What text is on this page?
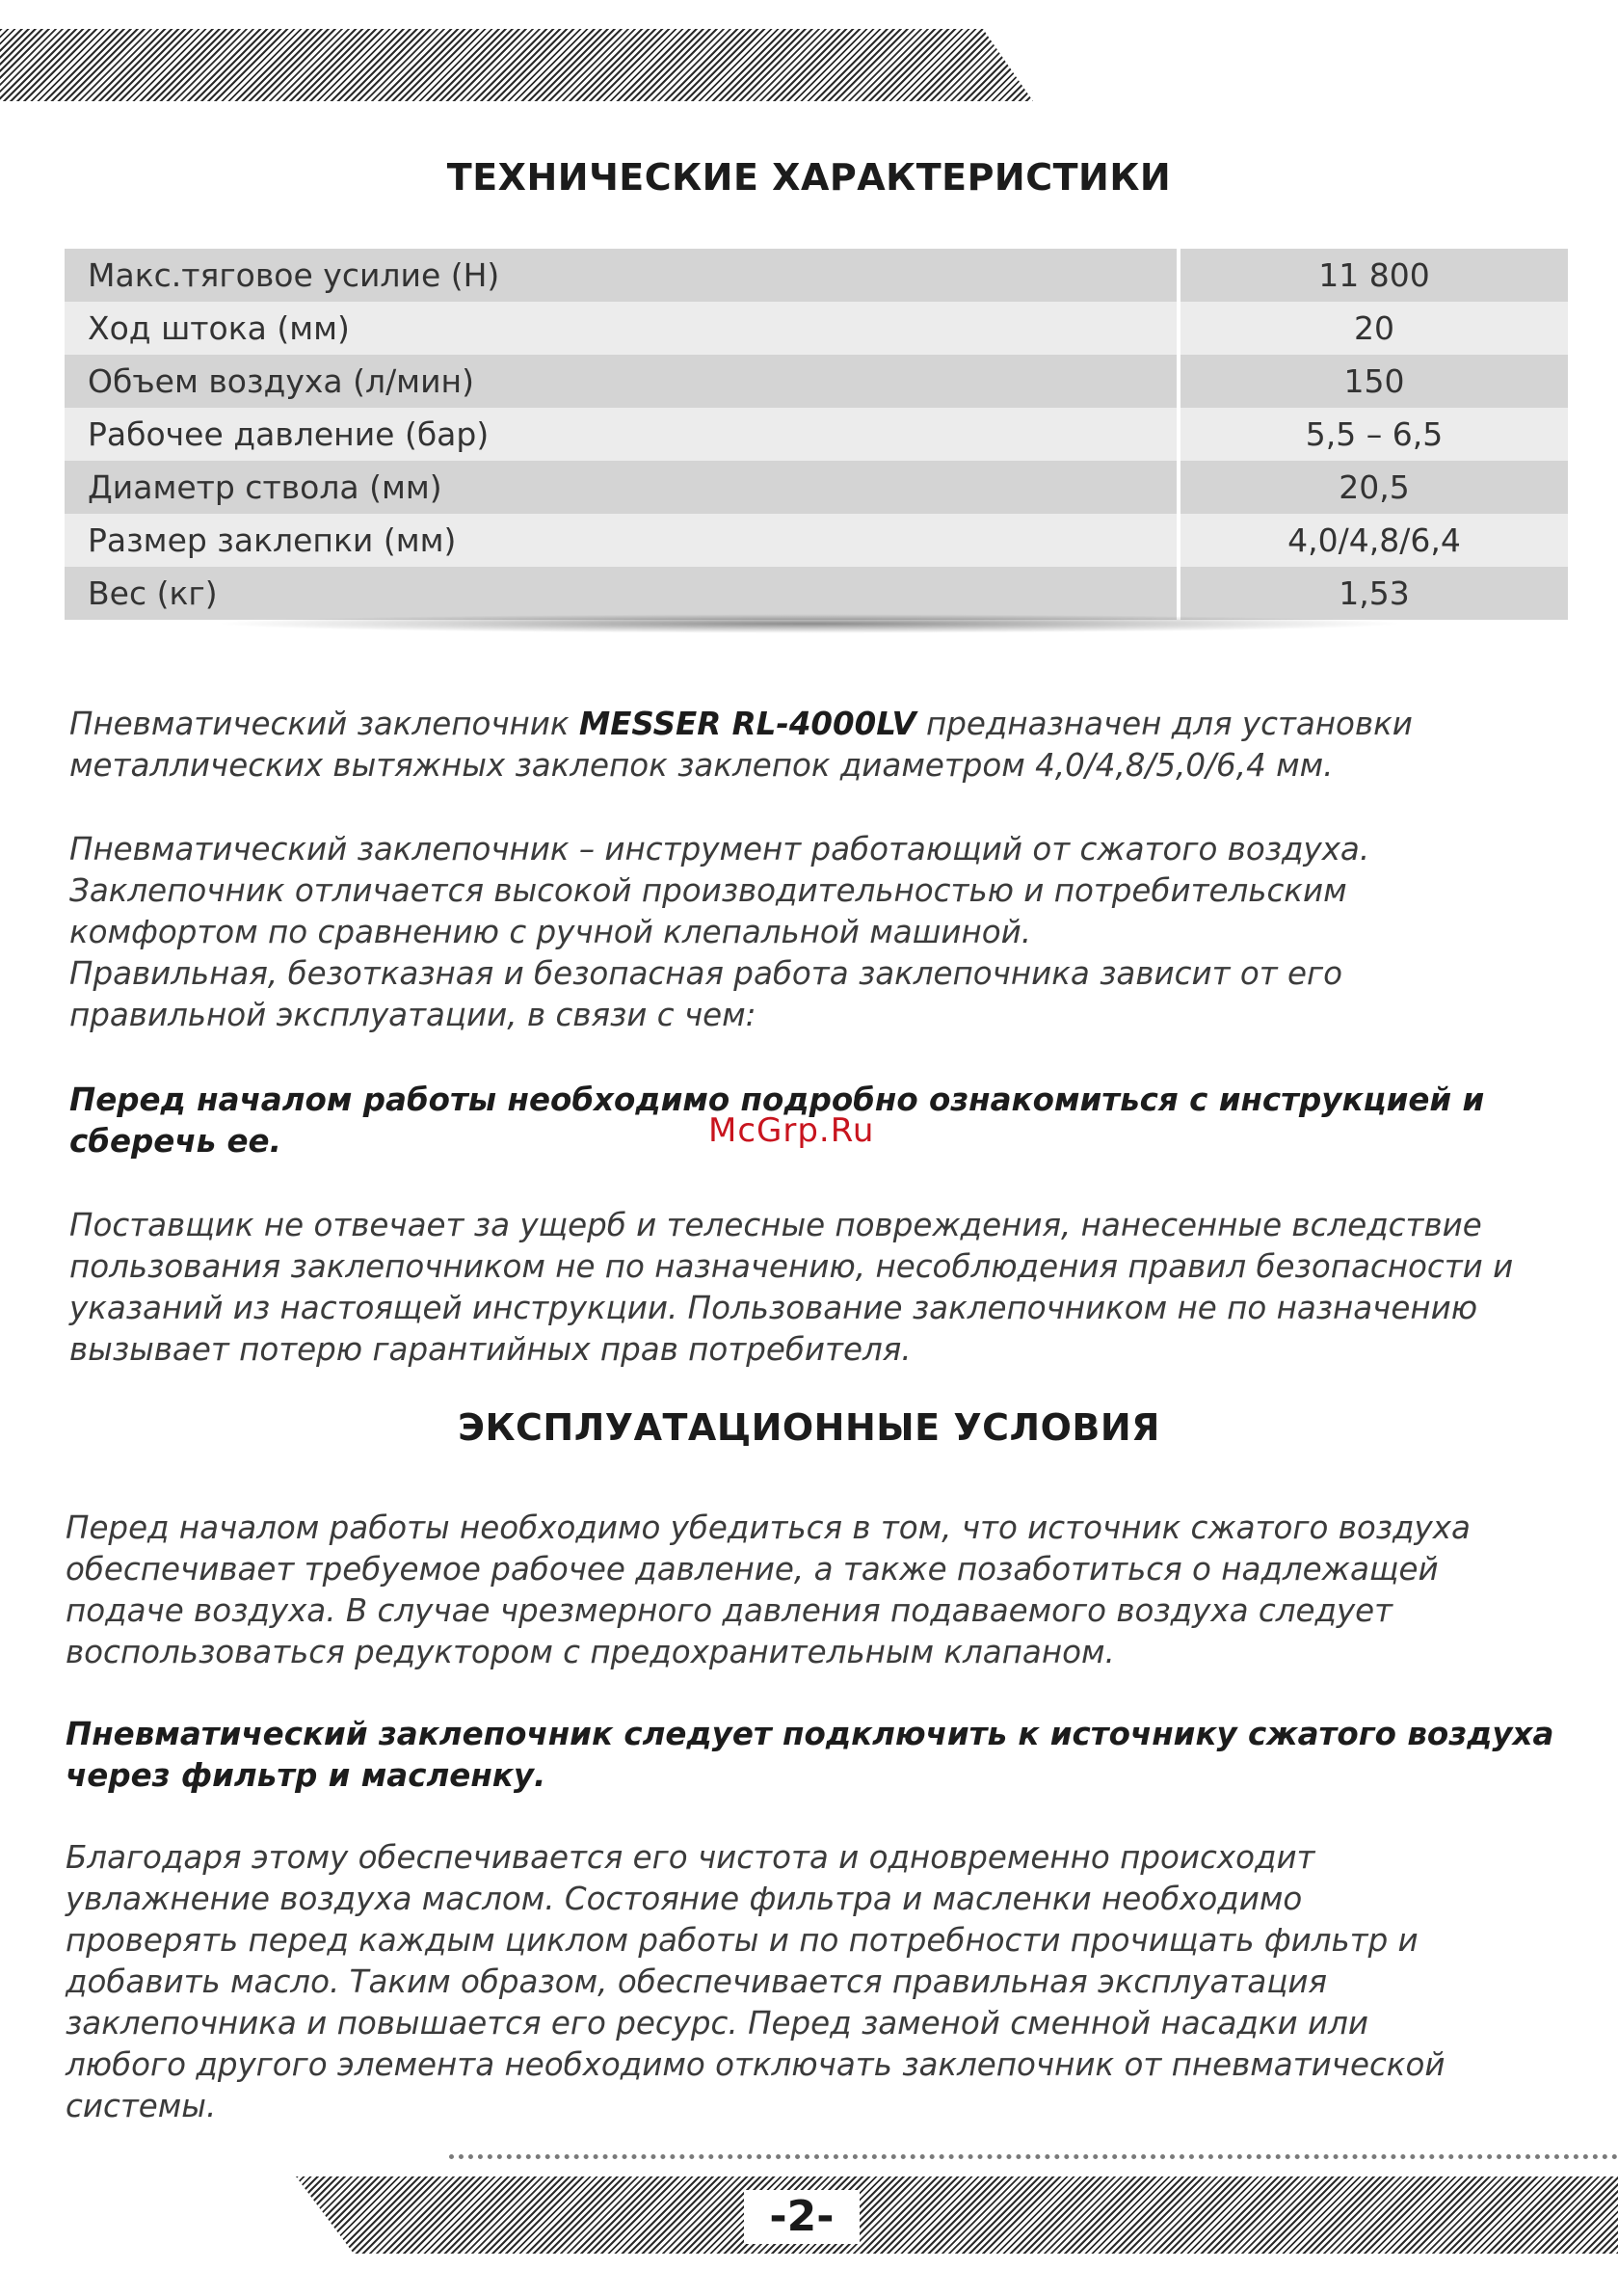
ТЕХНИЧЕСКИЕ ХАРАКТЕРИСТИКИ
Макс.тяговое усилие (Н)	11 800
Ход штока (мм)	20
Объем воздуха (л/мин)	150
Рабочее давление (бар)	5,5 – 6,5
Диаметр ствола (мм)	20,5
Размер заклепки (мм)	4,0/4,8/6,4
Вес (кг)	1,53

Пневматический заклепочник MESSER RL-4000LV предназначен для установки
металлических вытяжных заклепок заклепок диаметром 4,0/4,8/5,0/6,4 мм.

Пневматический заклепочник – инструмент работающий от сжатого воздуха.
Заклепочник отличается высокой производительностью и потребительским
комфортом по сравнению с ручной клепальной машиной.
Правильная, безотказная и безопасная работа заклепочника зависит от его
правильной эксплуатации, в связи с чем:

Перед началом работы необходимо подробно ознакомиться с инструкцией и
сберечь ее.	McGrp.Ru

Поставщик не отвечает за ущерб и телесные повреждения, нанесенные вследствие
пользования заклепочником не по назначению, несоблюдения правил безопасности и
указаний из настоящей инструкции. Пользование заклепочником не по назначению
вызывает потерю гарантийных прав потребителя.

ЭКСПЛУАТАЦИОННЫЕ УСЛОВИЯ

Перед началом работы необходимо убедиться в том, что источник сжатого воздуха
обеспечивает требуемое рабочее давление, а также позаботиться о надлежащей
подаче воздуха. В случае чрезмерного давления подаваемого воздуха следует
воспользоваться редуктором с предохранительным клапаном.

Пневматический заклепочник следует подключить к источнику сжатого воздуха
через фильтр и масленку.

Благодаря этому обеспечивается его чистота и одновременно происходит
увлажнение воздуха маслом. Состояние фильтра и масленки необходимо
проверять перед каждым циклом работы и по потребности прочищать фильтр и
добавить масло. Таким образом, обеспечивается правильная эксплуатация
заклепочника и повышается его ресурс. Перед заменой сменной насадки или
любого другого элемента необходимо отключать заклепочник от пневматической
системы.

-2-
